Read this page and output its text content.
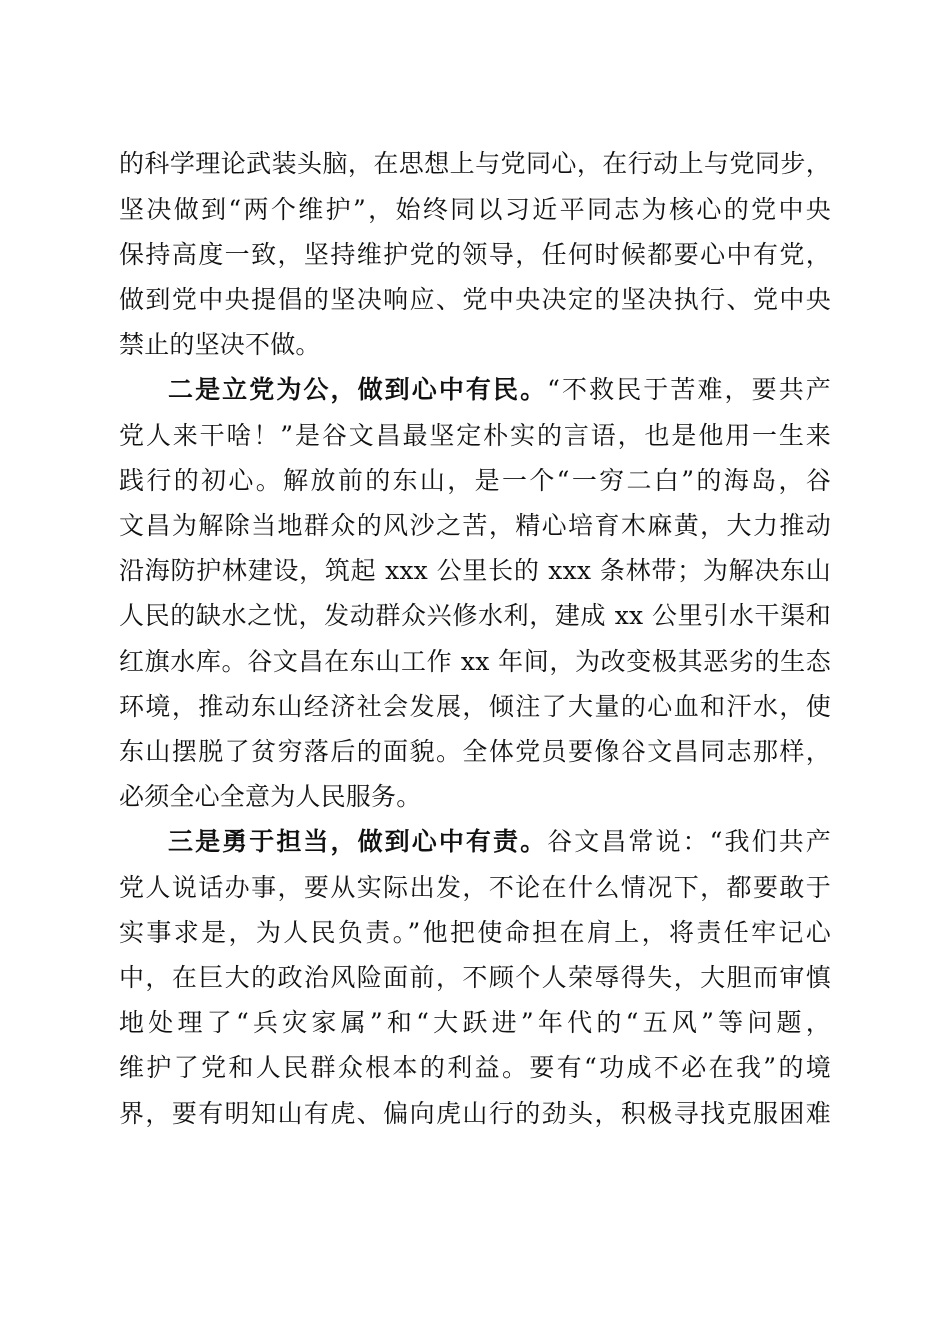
的科学理论武装头脑，在思想上与党同心，在行动上与党同步，
坚决做到“两个维护”，始终同以习近平同志为核心的党中央
保持高度一致，坚持维护党的领导，任何时候都要心中有党，
做到党中央提倡的坚决响应、党中央决定的坚决执行、党中央
禁止的坚决不做。
二是立党为公，做到心中有民。“不救民于苦难，要共产
党人来干啥！”是谷文昌最坚定朴实的言语，也是他用一生来
践行的初心。解放前的东山，是一个“一穷二白”的海岛，谷
文昌为解除当地群众的风沙之苦，精心培育木麻黄，大力推动
沿海防护林建设，筑起 xxx 公里长的 xxx 条林带；为解决东山
人民的缺水之忧，发动群众兴修水利，建成 xx 公里引水干渠和
红旗水库。谷文昌在东山工作 xx 年间，为改变极其恶劣的生态
环境，推动东山经济社会发展，倾注了大量的心血和汗水，使
东山摆脱了贫穷落后的面貌。全体党员要像谷文昌同志那样，
必须全心全意为人民服务。
三是勇于担当，做到心中有责。谷文昌常说：“我们共产
党人说话办事，要从实际出发，不论在什么情况下，都要敢于
实事求是，为人民负责。”他把使命担在肩上，将责任牢记心
中，在巨大的政治风险面前，不顾个人荣辱得失，大胆而审慎
地处理了“兵灾家属”和“大跃进”年代的“五风”等问题，
维护了党和人民群众根本的利益。要有“功成不必在我”的境
界，要有明知山有虎、偏向虎山行的劲头，积极寻找克服困难
